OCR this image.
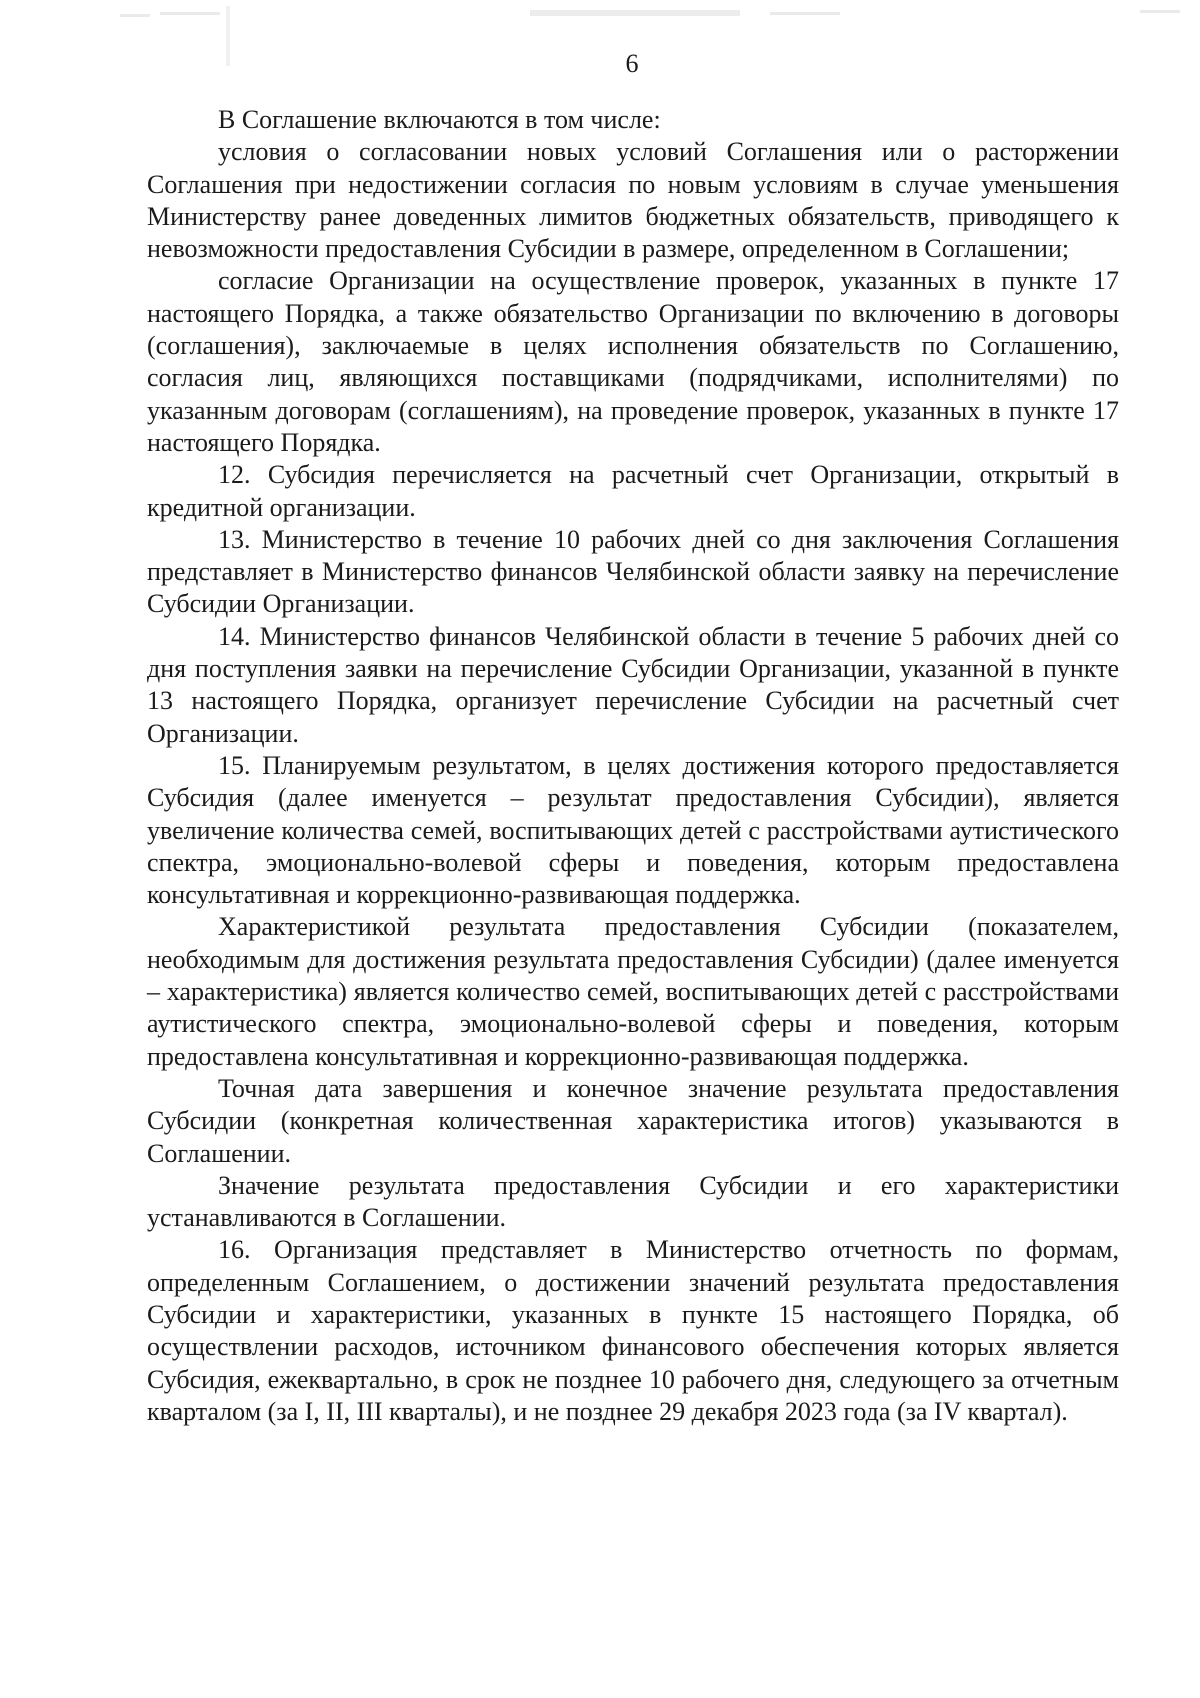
6

В Соглашение включаются в том числе:

условия о согласовании новых условий Соглашения или о расторжении Соглашения при недостижении согласия по новым условиям в случае уменьшения Министерству ранее доведенных лимитов бюджетных обязательств, приводящего к невозможности предоставления Субсидии в размере, определенном в Соглашении;

согласие Организации на осуществление проверок, указанных в пункте 17 настоящего Порядка, а также обязательство Организации по включению в договоры (соглашения), заключаемые в целях исполнения обязательств по Соглашению, согласия лиц, являющихся поставщиками (подрядчиками, исполнителями) по указанным договорам (соглашениям), на проведение проверок, указанных в пункте 17 настоящего Порядка.

12. Субсидия перечисляется на расчетный счет Организации, открытый в кредитной организации.

13. Министерство в течение 10 рабочих дней со дня заключения Соглашения представляет в Министерство финансов Челябинской области заявку на перечисление Субсидии Организации.

14. Министерство финансов Челябинской области в течение 5 рабочих дней со дня поступления заявки на перечисление Субсидии Организации, указанной в пункте 13 настоящего Порядка, организует перечисление Субсидии на расчетный счет Организации.

15. Планируемым результатом, в целях достижения которого предоставляется Субсидия (далее именуется – результат предоставления Субсидии), является увеличение количества семей, воспитывающих детей с расстройствами аутистического спектра, эмоционально-волевой сферы и поведения, которым предоставлена консультативная и коррекционно-развивающая поддержка.

Характеристикой результата предоставления Субсидии (показателем, необходимым для достижения результата предоставления Субсидии) (далее именуется – характеристика) является количество семей, воспитывающих детей с расстройствами аутистического спектра, эмоционально-волевой сферы и поведения, которым предоставлена консультативная и коррекционно-развивающая поддержка.

Точная дата завершения и конечное значение результата предоставления Субсидии (конкретная количественная характеристика итогов) указываются в Соглашении.

Значение результата предоставления Субсидии и его характеристики устанавливаются в Соглашении.

16. Организация представляет в Министерство отчетность по формам, определенным Соглашением, о достижении значений результата предоставления Субсидии и характеристики, указанных в пункте 15 настоящего Порядка, об осуществлении расходов, источником финансового обеспечения которых является Субсидия, ежеквартально, в срок не позднее 10 рабочего дня, следующего за отчетным кварталом (за I, II, III кварталы), и не позднее 29 декабря 2023 года (за IV квартал).
